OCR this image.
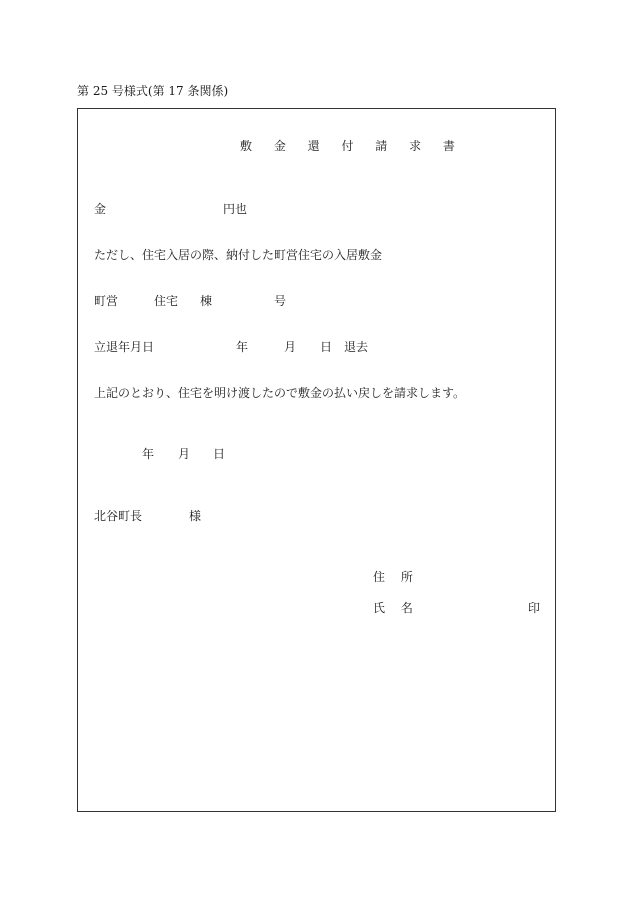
第 25 号様式(第 17 条関係)
敷 金 還 付 請 求 書
金	円也
ただし、住宅入居の際、納付した町営住宅の入居敷金
町営	住宅 棟	号
立退年月日	年	月 日 退去
上記のとおり、住宅を明け渡したので敷金の払い戻しを請求します。
年 月 日
北谷町長	様
住 所
氏 名	印
